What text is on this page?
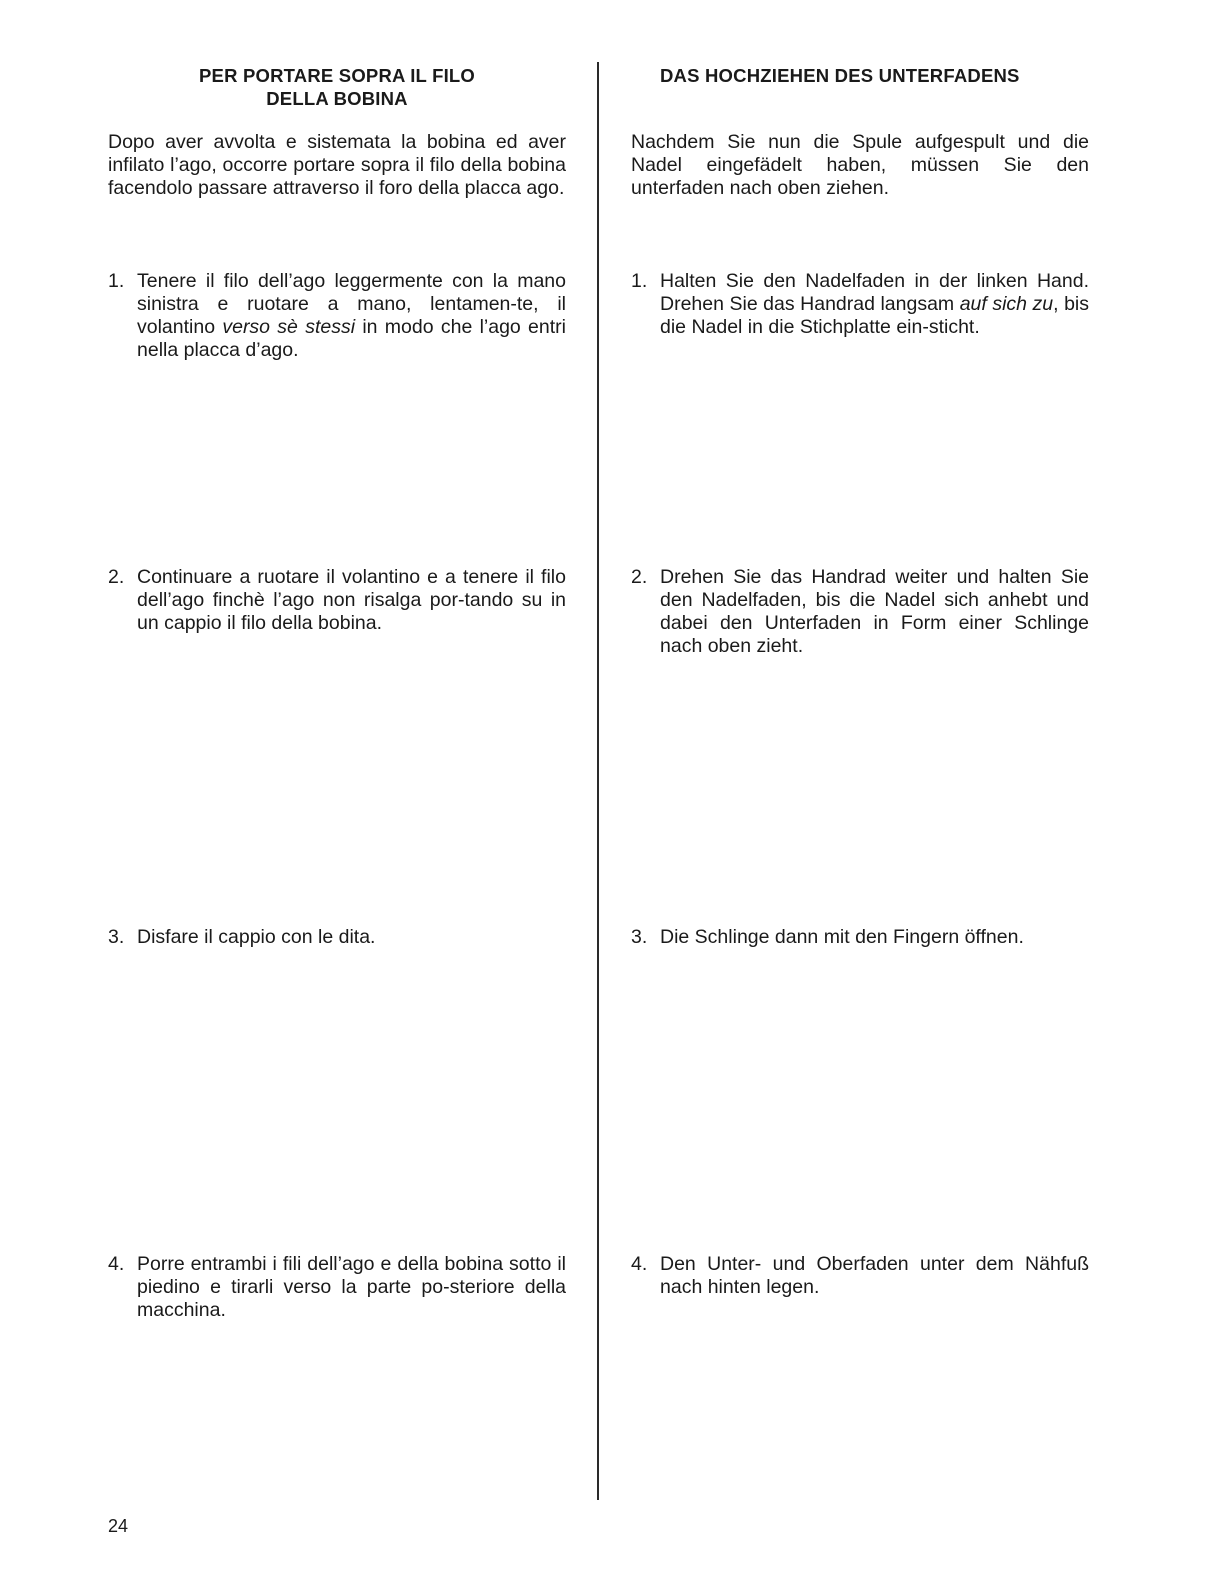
PER PORTARE SOPRA IL FILO
DELLA BOBINA
Dopo aver avvolta e sistemata la bobina ed aver infilato l’ago, occorre portare sopra il filo della bobina facendolo passare attraverso il foro della placca ago.
1. Tenere il filo dell’ago leggermente con la mano sinistra e ruotare a mano, lentamen-te, il volantino verso sè stessi in modo che l’ago entri nella placca d’ago.
2. Continuare a ruotare il volantino e a tenere il filo dell’ago finchè l’ago non risalga por-tando su in un cappio il filo della bobina.
3. Disfare il cappio con le dita.
4. Porre entrambi i fili dell’ago e della bobina sotto il piedino e tirarli verso la parte po-steriore della macchina.
DAS HOCHZIEHEN DES UNTERFADENS
Nachdem Sie nun die Spule aufgespult und die Nadel eingefädelt haben, müssen Sie den unterfaden nach oben ziehen.
1. Halten Sie den Nadelfaden in der linken Hand. Drehen Sie das Handrad langsam auf sich zu, bis die Nadel in die Stichplatte ein-sticht.
2. Drehen Sie das Handrad weiter und halten Sie den Nadelfaden, bis die Nadel sich anhebt und dabei den Unterfaden in Form einer Schlinge nach oben zieht.
3. Die Schlinge dann mit den Fingern öffnen.
4. Den Unter- und Oberfaden unter dem Nähfuß nach hinten legen.
24
